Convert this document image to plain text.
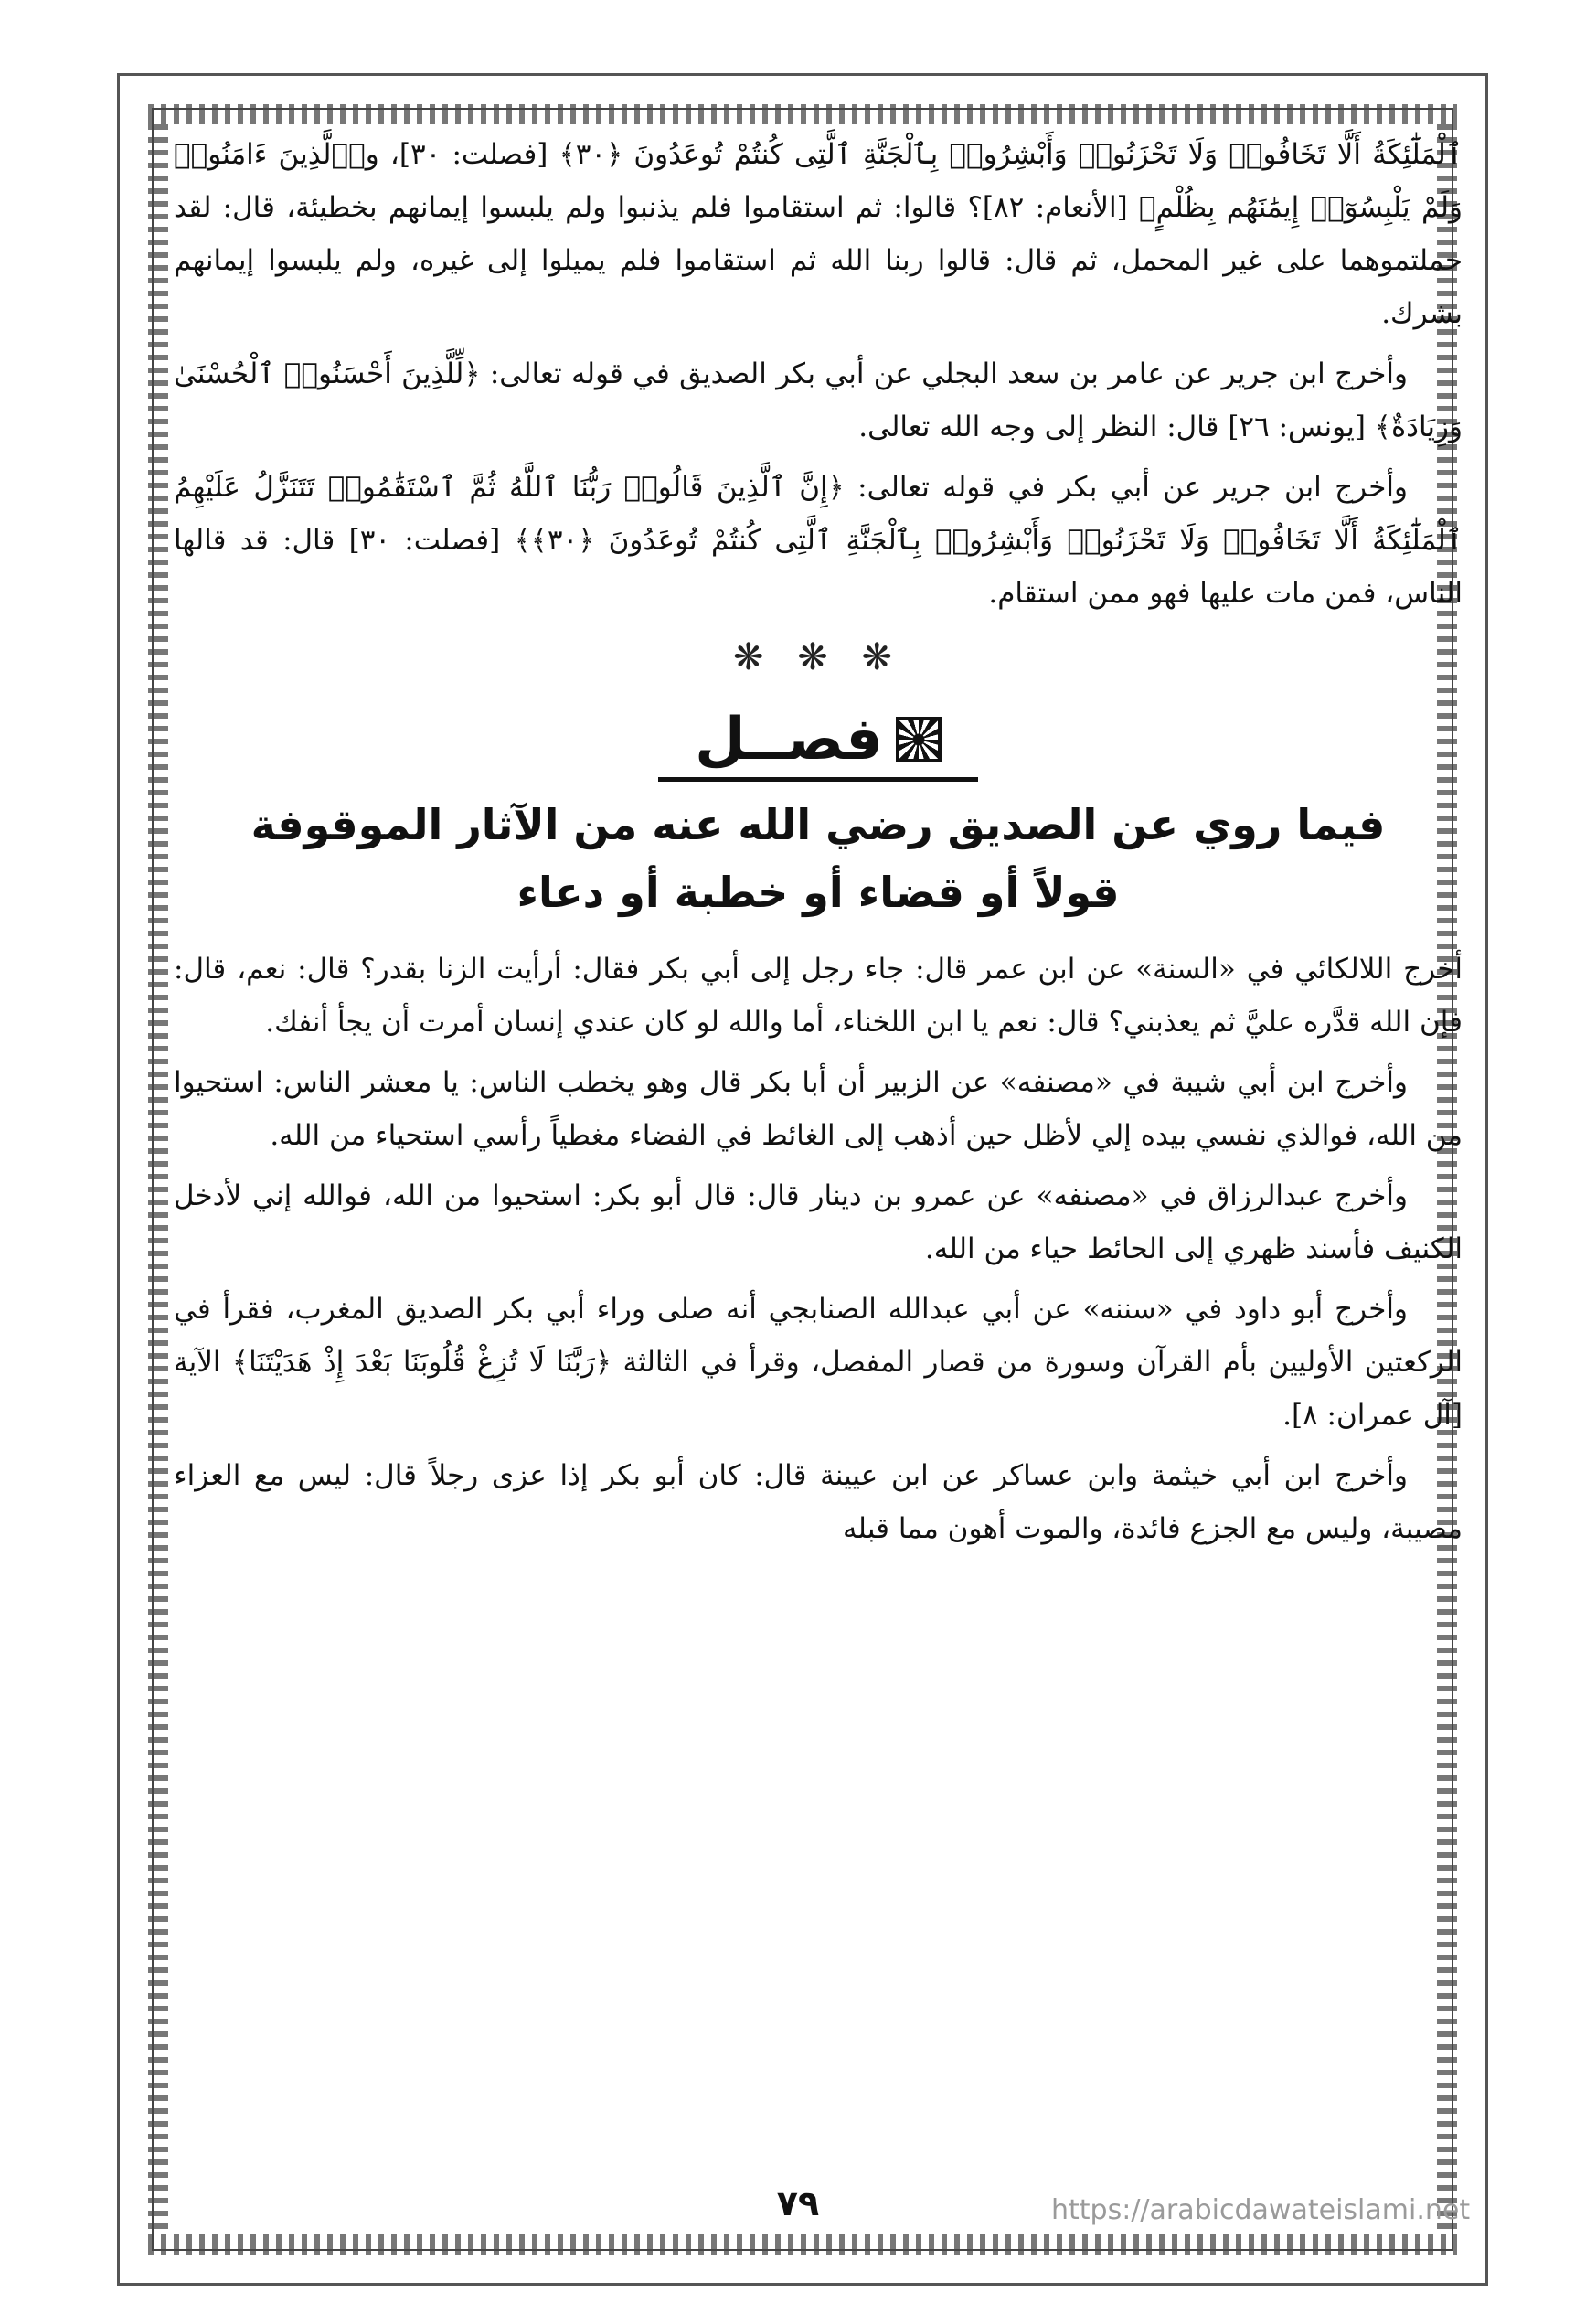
ٱلْمَلَٰٓئِكَةُ أَلَّا تَخَافُوا۟ وَلَا تَحْزَنُوا۟ وَأَبْشِرُوا۟ بِٱلْجَنَّةِ ٱلَّتِى كُنتُمْ تُوعَدُونَ ﴿٣٠﴾ [فصلت: ٣٠]، و﴿ٱلَّذِينَ ءَامَنُوا۟ وَلَمْ يَلْبِسُوٓا۟ إِيمَٰنَهُم بِظُلْمٍ﴾ [الأنعام: ٨٢]؟ قالوا: ثم استقاموا فلم يذنبوا ولم يلبسوا إيمانهم بخطيئة، قال: لقد حملتموهما على غير المحمل، ثم قال: قالوا ربنا الله ثم استقاموا فلم يميلوا إلى غيره، ولم يلبسوا إيمانهم بشرك.

وأخرج ابن جرير عن عامر بن سعد البجلي عن أبي بكر الصديق في قوله تعالى: ﴿لِّلَّذِينَ أَحْسَنُوا۟ ٱلْحُسْنَىٰ وَزِيَادَةٌ﴾ [يونس: ٢٦] قال: النظر إلى وجه الله تعالى.

وأخرج ابن جرير عن أبي بكر في قوله تعالى: ﴿إِنَّ ٱلَّذِينَ قَالُوا۟ رَبُّنَا ٱللَّهُ ثُمَّ ٱسْتَقَٰمُوا۟ تَتَنَزَّلُ عَلَيْهِمُ ٱلْمَلَٰٓئِكَةُ أَلَّا تَخَافُوا۟ وَلَا تَحْزَنُوا۟ وَأَبْشِرُوا۟ بِٱلْجَنَّةِ ٱلَّتِى كُنتُمْ تُوعَدُونَ ﴿٣٠﴾﴾ [فصلت: ٣٠] قال: قد قالها الناس، فمن مات عليها فهو ممن استقام.

❋ ❋ ❋
فصــل

فيما روي عن الصديق رضي الله عنه من الآثار الموقوفة

قولاً أو قضاء أو خطبة أو دعاء

أخرج اللالكائي في «السنة» عن ابن عمر قال: جاء رجل إلى أبي بكر فقال: أرأيت الزنا بقدر؟ قال: نعم، قال: فإن الله قدَّره عليَّ ثم يعذبني؟ قال: نعم يا ابن اللخناء، أما والله لو كان عندي إنسان أمرت أن يجأ أنفك.

وأخرج ابن أبي شيبة في «مصنفه» عن الزبير أن أبا بكر قال وهو يخطب الناس: يا معشر الناس: استحيوا من الله، فوالذي نفسي بيده إلي لأظل حين أذهب إلى الغائط في الفضاء مغطياً رأسي استحياء من الله.

وأخرج عبدالرزاق في «مصنفه» عن عمرو بن دينار قال: قال أبو بكر: استحيوا من الله، فوالله إني لأدخل الكنيف فأسند ظهري إلى الحائط حياء من الله.

وأخرج أبو داود في «سننه» عن أبي عبدالله الصنابجي أنه صلى وراء أبي بكر الصديق المغرب، فقرأ في الركعتين الأوليين بأم القرآن وسورة من قصار المفصل، وقرأ في الثالثة ﴿رَبَّنَا لَا تُزِغْ قُلُوبَنَا بَعْدَ إِذْ هَدَيْتَنَا﴾ الآية [آل عمران: ٨].

وأخرج ابن أبي خيثمة وابن عساكر عن ابن عيينة قال: كان أبو بكر إذا عزى رجلاً قال: ليس مع العزاء مصيبة، وليس مع الجزع فائدة، والموت أهون مما قبله

٧٩	https://arabicdawateislami.net
